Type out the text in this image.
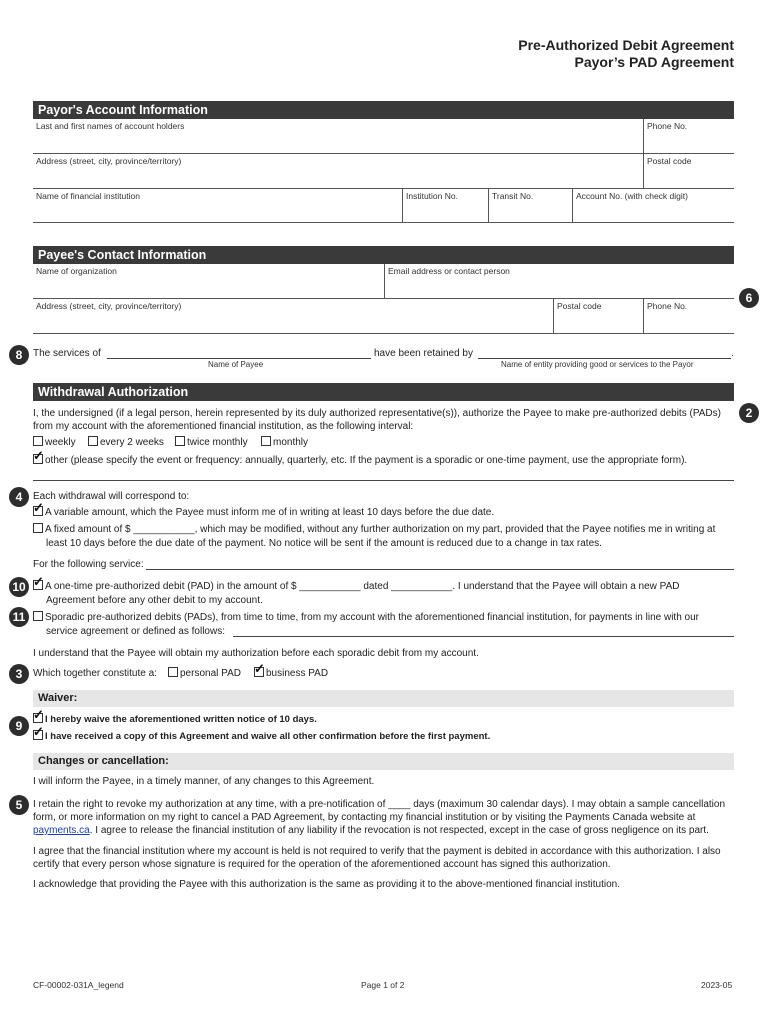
Pre-Authorized Debit Agreement
Payor’s PAD Agreement
Payor's Account Information
Last and first names of account holders	Phone No.
Address (street, city, province/territory)	Postal code
Name of financial institution	Institution No.	Transit No.	Account No. (with check digit)
Payee's Contact Information
Name of organization	Email address or contact person
Address (street, city, province/territory)	Postal code	Phone No.
6
8	The services of
Name of Payee
have been retained by	.
Name of entity providing good or services to the Payor
Withdrawal Authorization
2
I, the undersigned (if a legal person, herein represented by its duly authorized representative(s)), authorize the Payee to make pre-authorized debits (PADs) from my account with the aforementioned financial institution, as the following interval:
weekly	every 2 weeks	twice monthly	monthly
✓other (please specify the event or frequency: annually, quarterly, etc. If the payment is a sporadic or one-time payment, use the appropriate form).
4	Each withdrawal will correspond to:
✓A variable amount, which the Payee must inform me of in writing at least 10 days before the due date.
A fixed amount of $ ___________, which may be modified, without any further authorization on my part, provided that the Payee notifies me in writing at
least 10 days before the due date of the payment. No notice will be sent if the amount is reduced due to a change in tax rates.
For the following service:
10 ✓	A one-time pre-authorized debit (PAD) in the amount of $ ___________ dated ___________. I understand that the Payee will obtain a new PAD
Agreement before any other debit to my account.
11	Sporadic pre-authorized debits (PADs), from time to time, from my account with the aforementioned financial institution, for payments in line with our
service agreement or defined as follows:
I understand that the Payee will obtain my authorization before each sporadic debit from my account.
3	Which together constitute a:	personal PAD ✓	business PAD
Waiver:
9 ✓	I hereby waive the aforementioned written notice of 10 days.
✓I have received a copy of this Agreement and waive all other confirmation before the first payment.
Changes or cancellation:
I will inform the Payee, in a timely manner, of any changes to this Agreement.
5	I retain the right to revoke my authorization at any time, with a pre-notification of ____ days (maximum 30 calendar days). I may obtain a sample cancellation
form, or more information on my right to cancel a PAD Agreement, by contacting my financial institution or by visiting the Payments Canada website at
payments.ca. I agree to release the financial institution of any liability if the revocation is not respected, except in the case of gross negligence on its part.
I agree that the financial institution where my account is held is not required to verify that the payment is debited in accordance with this authorization. I also
certify that every person whose signature is required for the operation of the aforementioned account has signed this authorization.
I acknowledge that providing the Payee with this authorization is the same as providing it to the above-mentioned financial institution.
CF-00002-031A_legend	Page 1 of 2	2023-05
